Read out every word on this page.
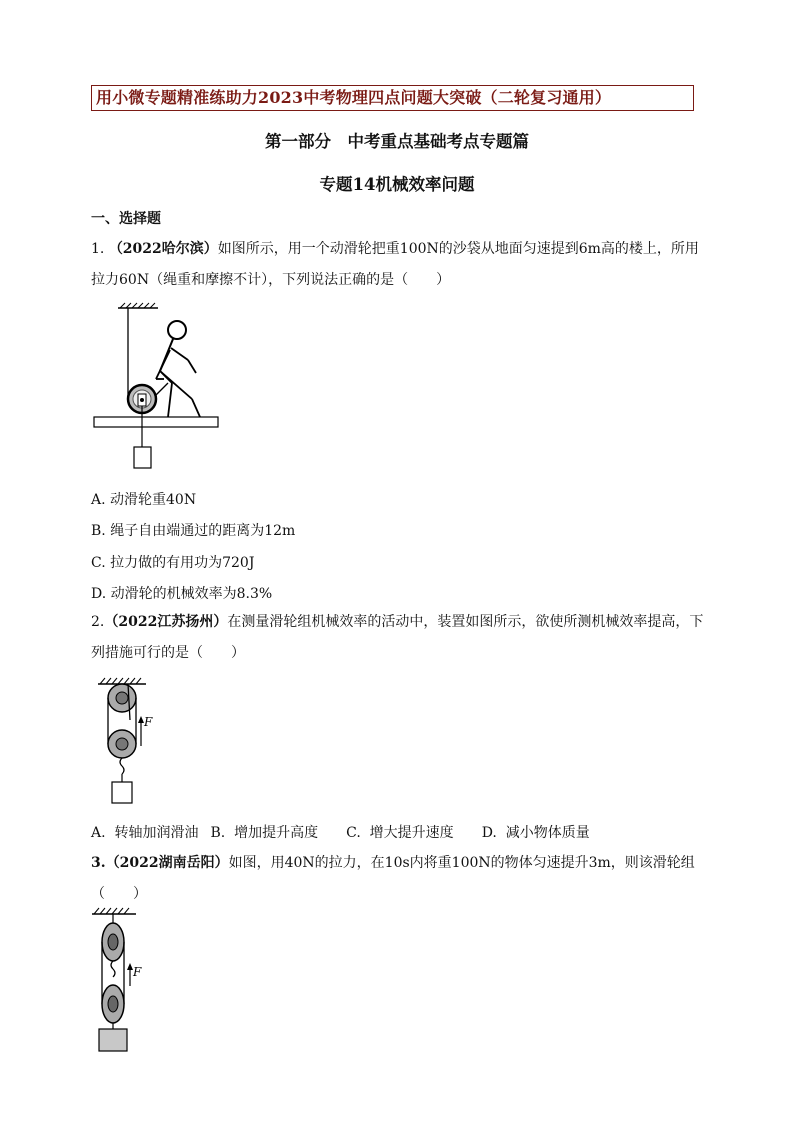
用小微专题精准练助力2023中考物理四点问题大突破（二轮复习通用）
第一部分　中考重点基础考点专题篇
专题14机械效率问题
一、选择题
1. （2022哈尔滨）如图所示，用一个动滑轮把重100N的沙袋从地面匀速提到6m高的楼上，所用拉力60N（绳重和摩擦不计），下列说法正确的是（　　）
A. 动滑轮重40N
B. 绳子自由端通过的距离为12m
C. 拉力做的有用功为720J
D. 动滑轮的机械效率为8.3%
2.（2022江苏扬州）在测量滑轮组机械效率的活动中，装置如图所示，欲使所测机械效率提高，下列措施可行的是（　　）
F
A.  转轴加润滑油 B.  增加提升高度 C.  增大提升速度 D.  减小物体质量
3.（2022湖南岳阳）如图，用40N的拉力，在10s内将重100N的物体匀速提升3m，则该滑轮组（　　）
F
